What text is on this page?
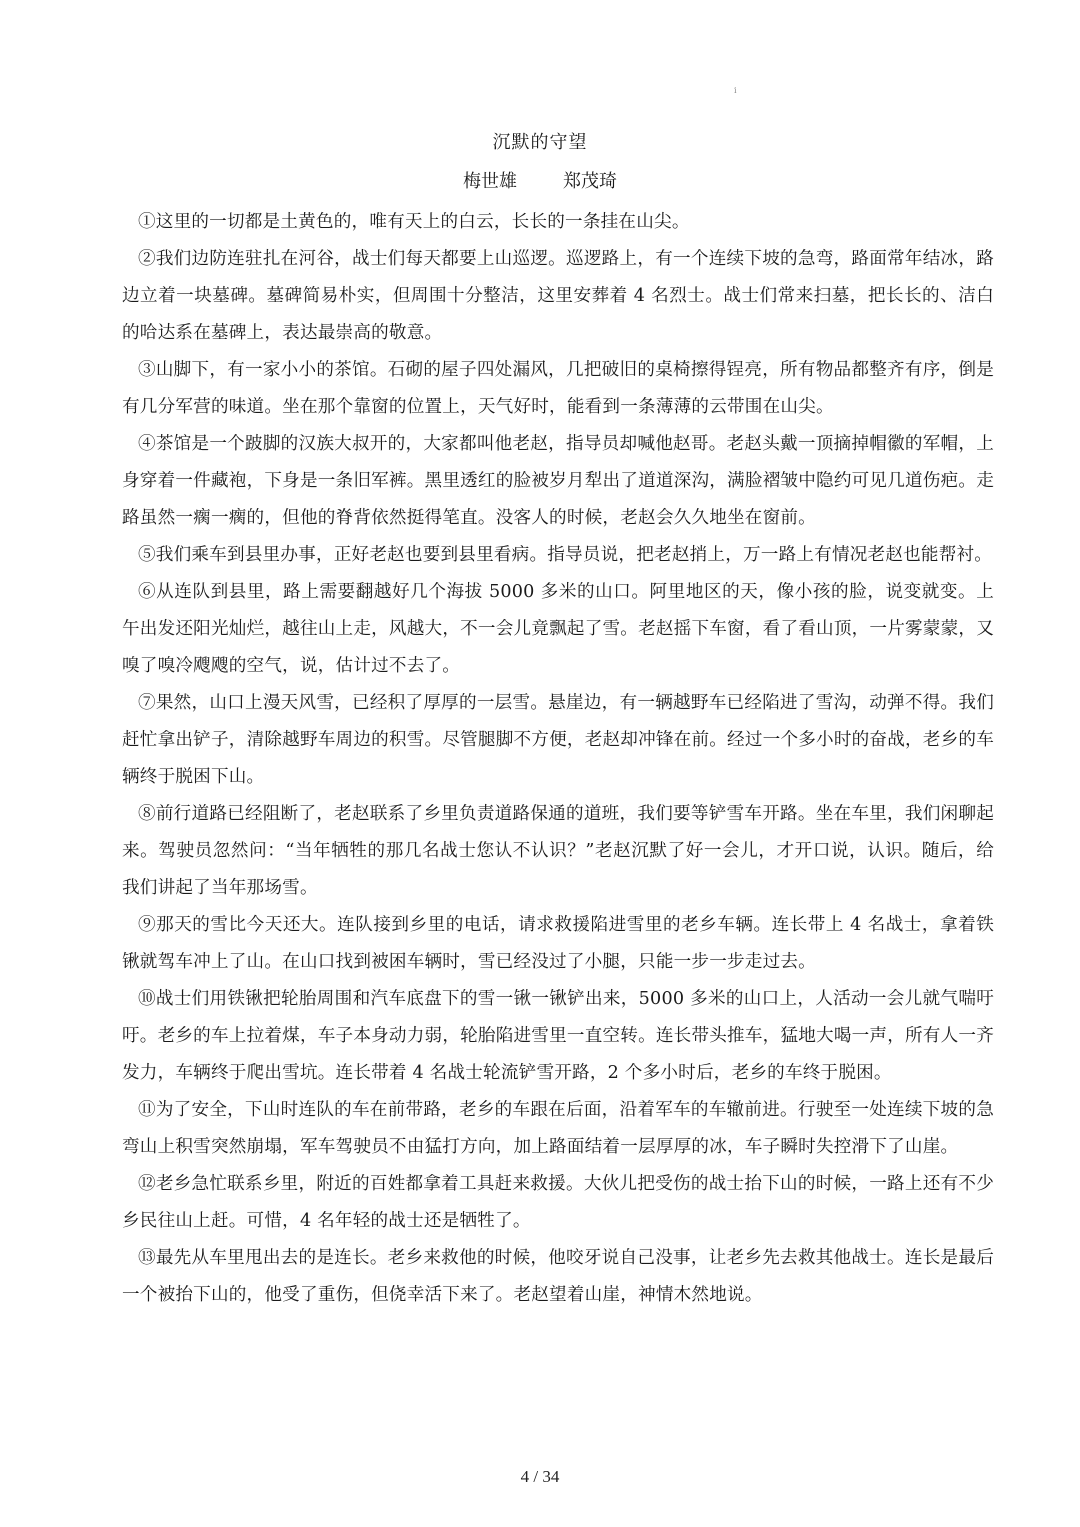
i
沉默的守望
梅世雄	郑茂琦

①这里的一切都是土黄色的，唯有天上的白云，长长的一条挂在山尖。

②我们边防连驻扎在河谷，战士们每天都要上山巡逻。巡逻路上，有一个连续下坡的急弯，路面常年结冰，路边立着一块墓碑。墓碑简易朴实，但周围十分整洁，这里安葬着 4 名烈士。战士们常来扫墓，把长长的、洁白的哈达系在墓碑上，表达最崇高的敬意。

③山脚下，有一家小小的茶馆。石砌的屋子四处漏风，几把破旧的桌椅擦得锃亮，所有物品都整齐有序，倒是有几分军营的味道。坐在那个靠窗的位置上，天气好时，能看到一条薄薄的云带围在山尖。

④茶馆是一个跛脚的汉族大叔开的，大家都叫他老赵，指导员却喊他赵哥。老赵头戴一顶摘掉帽徽的军帽，上身穿着一件藏袍，下身是一条旧军裤。黑里透红的脸被岁月犁出了道道深沟，满脸褶皱中隐约可见几道伤疤。走路虽然一瘸一瘸的，但他的脊背依然挺得笔直。没客人的时候，老赵会久久地坐在窗前。

⑤我们乘车到县里办事，正好老赵也要到县里看病。指导员说，把老赵捎上，万一路上有情况老赵也能帮衬。

⑥从连队到县里，路上需要翻越好几个海拔 5000 多米的山口。阿里地区的天，像小孩的脸，说变就变。上午出发还阳光灿烂，越往山上走，风越大，不一会儿竟飘起了雪。老赵摇下车窗，看了看山顶，一片雾蒙蒙，又嗅了嗅冷飕飕的空气，说，估计过不去了。

⑦果然，山口上漫天风雪，已经积了厚厚的一层雪。悬崖边，有一辆越野车已经陷进了雪沟，动弹不得。我们赶忙拿出铲子，清除越野车周边的积雪。尽管腿脚不方便，老赵却冲锋在前。经过一个多小时的奋战，老乡的车辆终于脱困下山。

⑧前行道路已经阻断了，老赵联系了乡里负责道路保通的道班，我们要等铲雪车开路。坐在车里，我们闲聊起来。驾驶员忽然问：“当年牺牲的那几名战士您认不认识？”老赵沉默了好一会儿，才开口说，认识。随后，给我们讲起了当年那场雪。

⑨那天的雪比今天还大。连队接到乡里的电话，请求救援陷进雪里的老乡车辆。连长带上 4 名战士，拿着铁锹就驾车冲上了山。在山口找到被困车辆时，雪已经没过了小腿，只能一步一步走过去。

⑩战士们用铁锹把轮胎周围和汽车底盘下的雪一锹一锹铲出来，5000 多米的山口上，人活动一会儿就气喘吁吁。老乡的车上拉着煤，车子本身动力弱，轮胎陷进雪里一直空转。连长带头推车，猛地大喝一声，所有人一齐发力，车辆终于爬出雪坑。连长带着 4 名战士轮流铲雪开路，2 个多小时后，老乡的车终于脱困。

⑪为了安全，下山时连队的车在前带路，老乡的车跟在后面，沿着军车的车辙前进。行驶至一处连续下坡的急弯山上积雪突然崩塌，军车驾驶员不由猛打方向，加上路面结着一层厚厚的冰，车子瞬时失控滑下了山崖。

⑫老乡急忙联系乡里，附近的百姓都拿着工具赶来救援。大伙儿把受伤的战士抬下山的时候，一路上还有不少乡民往山上赶。可惜，4 名年轻的战士还是牺牲了。

⑬最先从车里甩出去的是连长。老乡来救他的时候，他咬牙说自己没事，让老乡先去救其他战士。连长是最后一个被抬下山的，他受了重伤，但侥幸活下来了。老赵望着山崖，神情木然地说。

4 / 34
